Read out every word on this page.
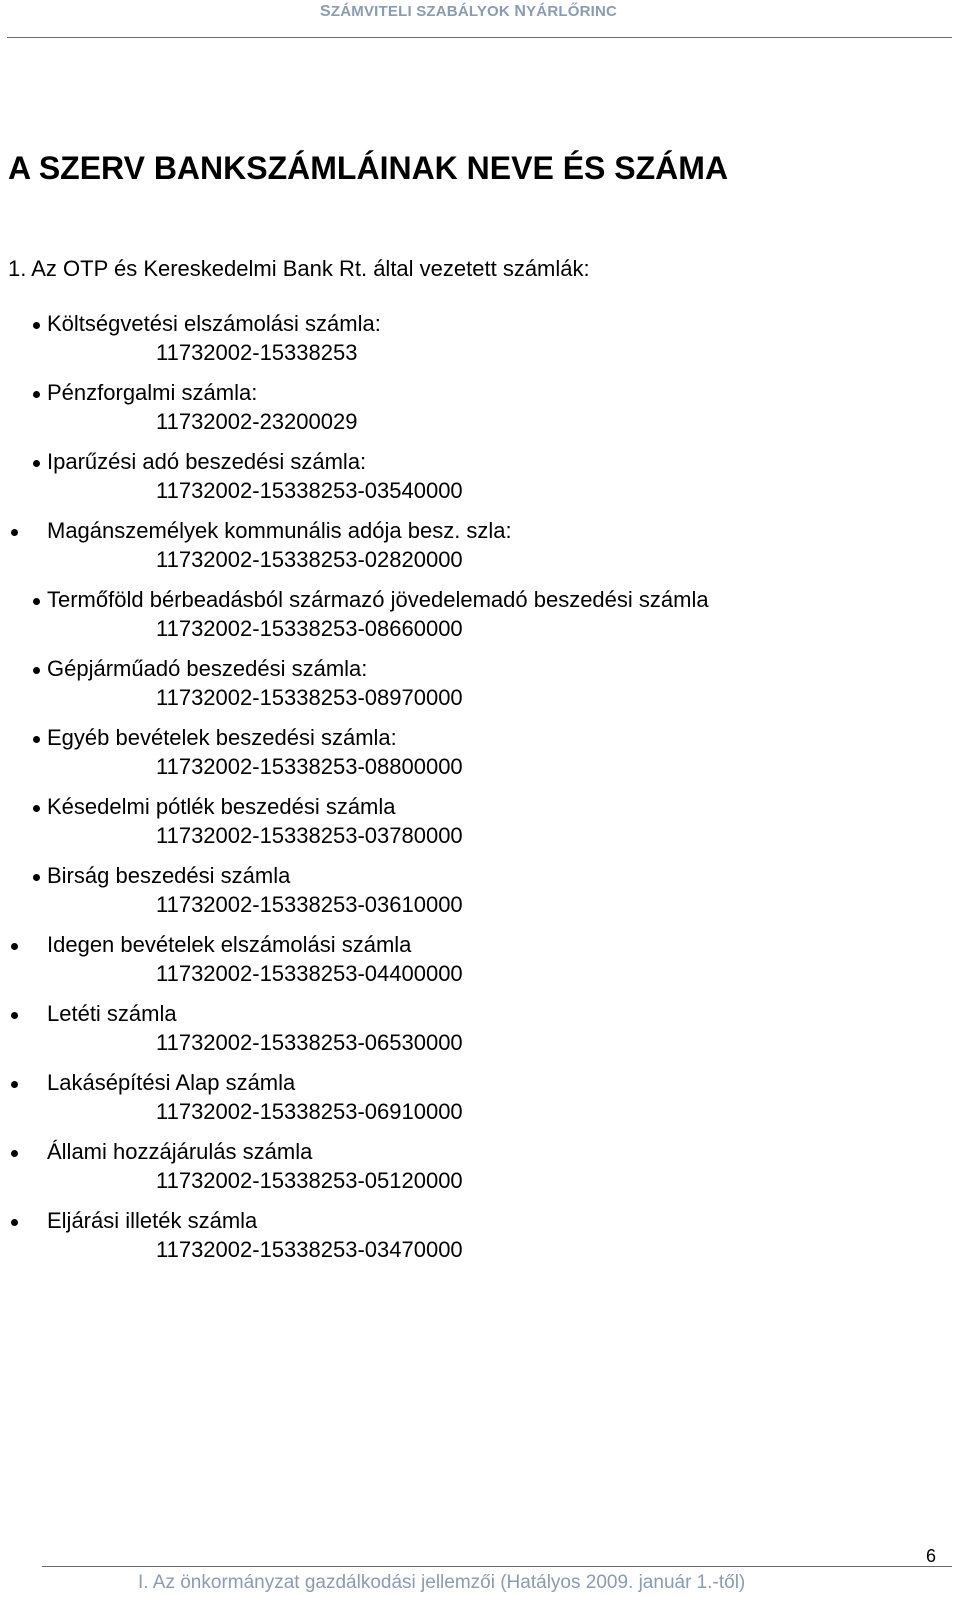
SZÁMVITELI SZABÁLYOK NYÁRLŐRINC
A SZERV BANKSZÁMLÁINAK NEVE ÉS SZÁMA
1. Az OTP és Kereskedelmi Bank Rt. által vezetett számlák:
Költségvetési elszámolási számla:
11732002-15338253
Pénzforgalmi számla:
11732002-23200029
Iparűzési adó beszedési számla:
11732002-15338253-03540000
Magánszemélyek kommunális adója besz. szla:
11732002-15338253-02820000
Termőföld bérbeadásból származó jövedelemadó beszedési számla
11732002-15338253-08660000
Gépjárműadó beszedési számla:
11732002-15338253-08970000
Egyéb bevételek beszedési számla:
11732002-15338253-08800000
Késedelmi pótlék beszedési számla
11732002-15338253-03780000
Birság beszedési számla
11732002-15338253-03610000
Idegen bevételek elszámolási számla
11732002-15338253-04400000
Letéti számla
11732002-15338253-06530000
Lakásépítési Alap számla
11732002-15338253-06910000
Állami hozzájárulás számla
11732002-15338253-05120000
Eljárási illeték számla
11732002-15338253-03470000
I. Az önkormányzat gazdálkodási jellemzői (Hatályos 2009. január 1.-től)
6
